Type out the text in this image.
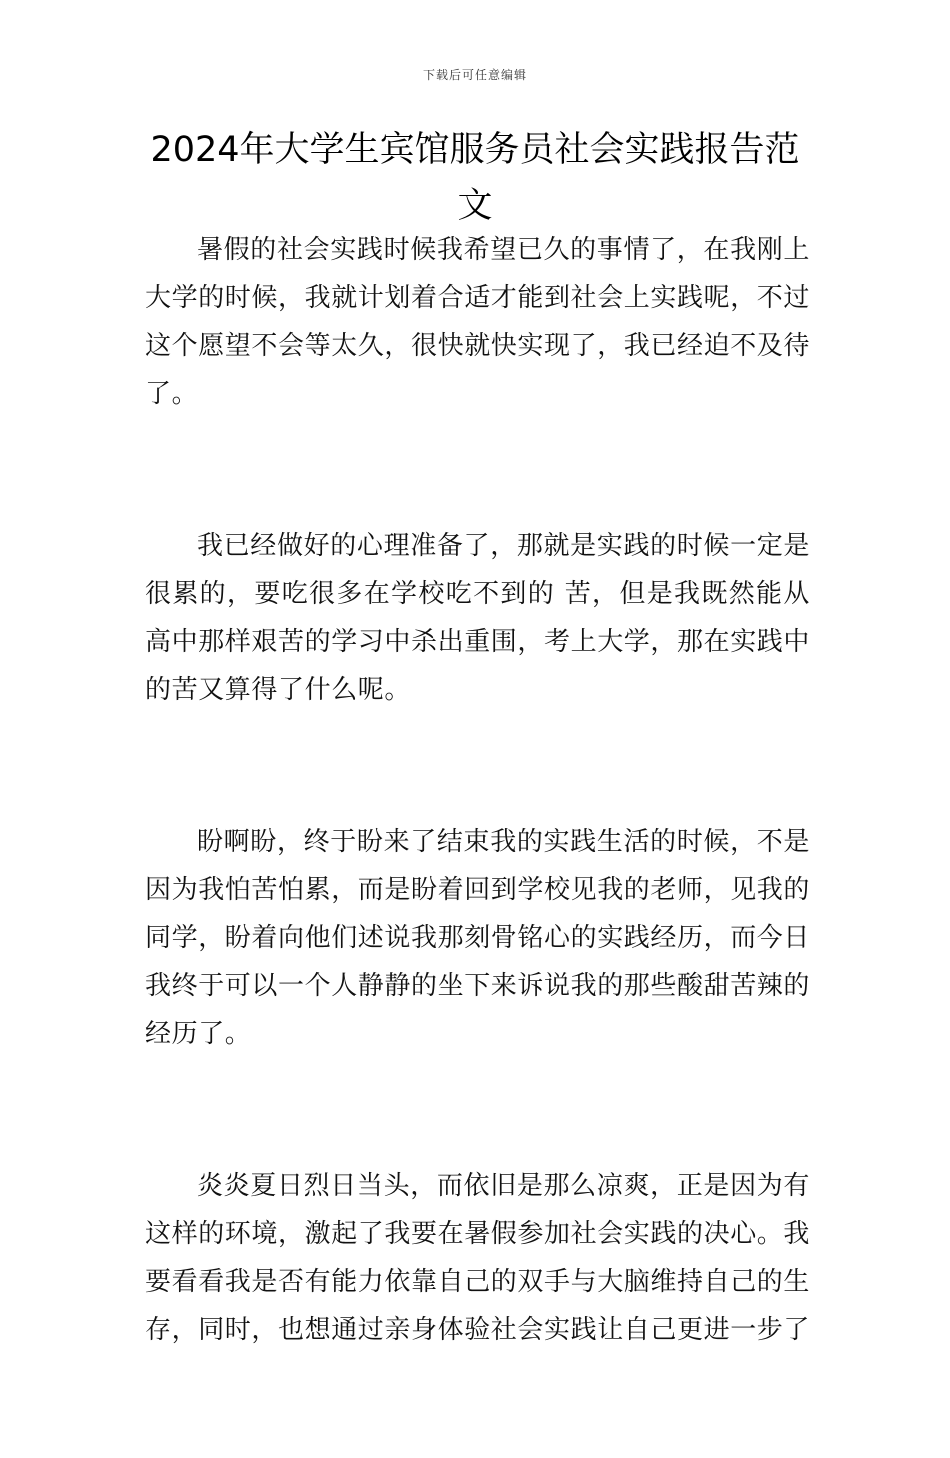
下载后可任意编辑
2024年大学生宾馆服务员社会实践报告范文

暑假的社会实践时候我希望已久的事情了，在我刚上大学的时候，我就计划着合适才能到社会上实践呢，不过这个愿望不会等太久，很快就快实现了，我已经迫不及待了。

我已经做好的心理准备了，那就是实践的时候一定是很累的，要吃很多在学校吃不到的 苦，但是我既然能从高中那样艰苦的学习中杀出重围，考上大学，那在实践中的苦又算得了什么呢。

盼啊盼，终于盼来了结束我的实践生活的时候，不是因为我怕苦怕累，而是盼着回到学校见我的老师，见我的同学，盼着向他们述说我那刻骨铭心的实践经历，而今日我终于可以一个人静静的坐下来诉说我的那些酸甜苦辣的经历了。

炎炎夏日烈日当头，而依旧是那么凉爽，正是因为有这样的环境，激起了我要在暑假参加社会实践的决心。我要看看我是否有能力依靠自己的双手与大脑维持自己的生存，同时，也想通过亲身体验社会实践让自己更进一步了
